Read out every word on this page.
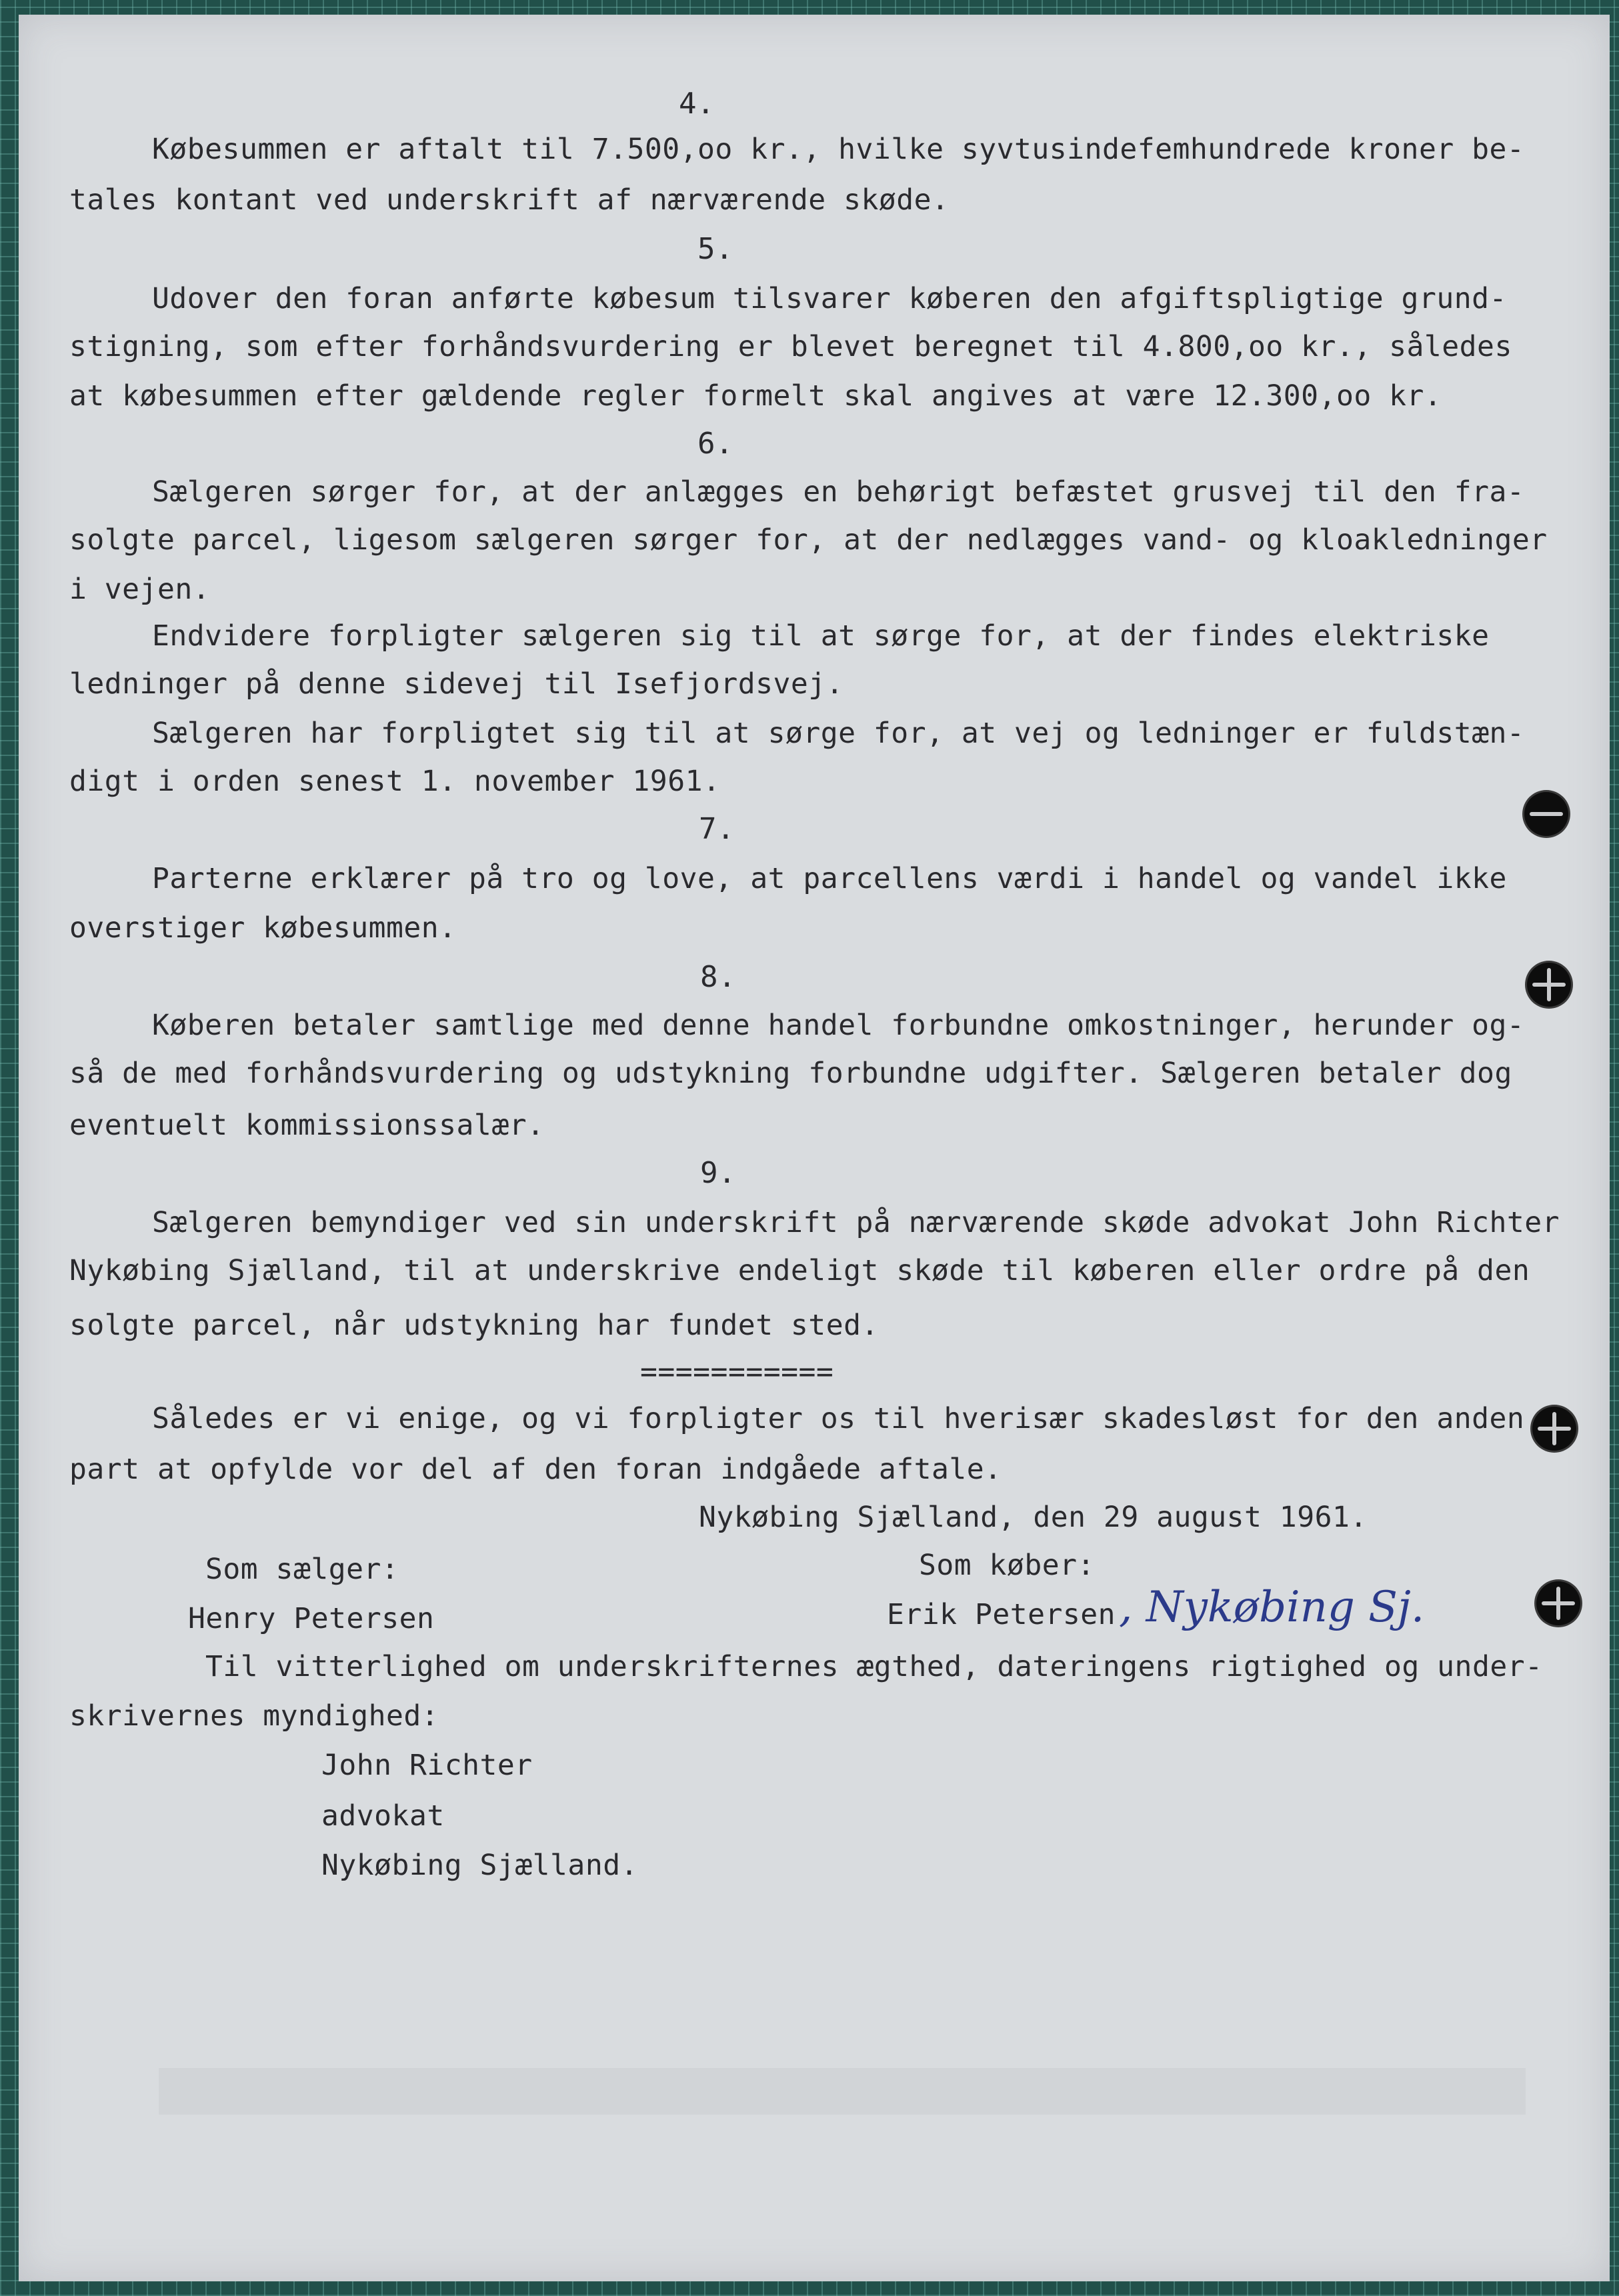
4.

Købesummen er aftalt til 7.500,oo kr., hvilke syvtusindefemhundrede kroner be-

tales kontant ved underskrift af nærværende skøde.

5.

Udover den foran anførte købesum tilsvarer køberen den afgiftspligtige grund-

stigning, som efter forhåndsvurdering er blevet beregnet til 4.800,oo kr., således

at købesummen efter gældende regler formelt skal angives at være 12.300,oo kr.

6.

Sælgeren sørger for, at der anlægges en behørigt befæstet grusvej til den fra-

solgte parcel, ligesom sælgeren sørger for, at der nedlægges vand- og kloakledninger

i vejen.

Endvidere forpligter sælgeren sig til at sørge for, at der findes elektriske

ledninger på denne sidevej til Isefjordsvej.

Sælgeren har forpligtet sig til at sørge for, at vej og ledninger er fuldstæn-

digt i orden senest 1. november 1961.

7.

Parterne erklærer på tro og love, at parcellens værdi i handel og vandel ikke

overstiger købesummen.

8.

Køberen betaler samtlige med denne handel forbundne omkostninger, herunder og-

så de med forhåndsvurdering og udstykning forbundne udgifter. Sælgeren betaler dog

eventuelt kommissionssalær.

9.

Sælgeren bemyndiger ved sin underskrift på nærværende skøde advokat John Richter

Nykøbing Sjælland, til at underskrive endeligt skøde til køberen eller ordre på den

solgte parcel, når udstykning har fundet sted.

===========

Således er vi enige, og vi forpligter os til hverisær skadesløst for den anden

part at opfylde vor del af den foran indgåede aftale.

Nykøbing Sjælland, den 29 august 1961.

Som sælger:	Som køber:

Henry Petersen	Erik Petersen , Nykøbing Sj.

Til vitterlighed om underskrifternes ægthed, dateringens rigtighed og under-

skrivernes myndighed:

John Richter

advokat

Nykøbing Sjælland.
